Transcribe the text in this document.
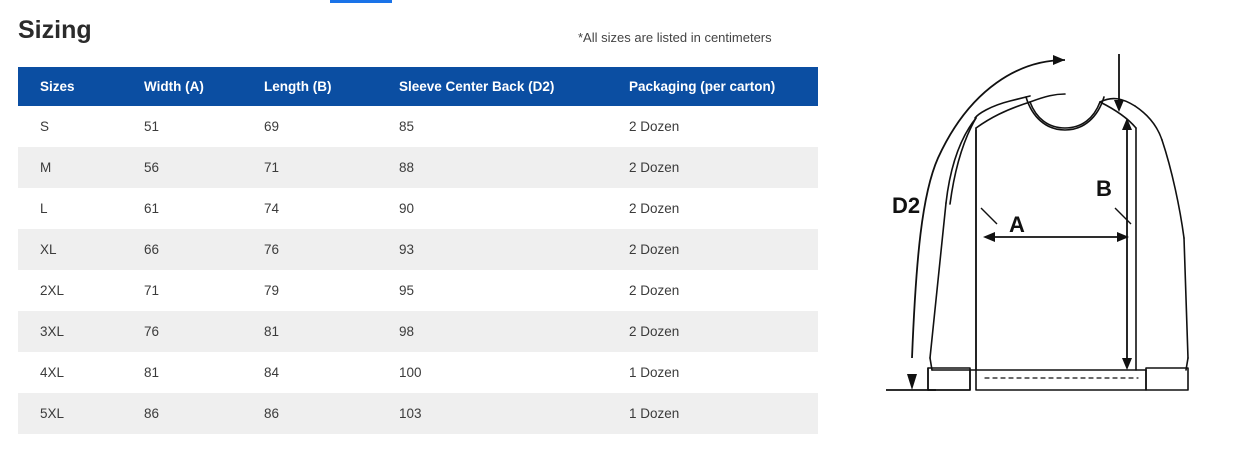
Sizing	*All sizes are listed in centimeters
Sizes	Width (A)	Length (B)	Sleeve Center Back (D2)	Packaging (per carton)
S	51	69	85	2 Dozen
M	56	71	88	2 Dozen
L	61	74	90	2 Dozen
XL	66	76	93	2 Dozen
2XL	71	79	95	2 Dozen
3XL	76	81	98	2 Dozen
4XL	81	84	100	1 Dozen
5XL	86	86	103	1 Dozen
A
B
D2
